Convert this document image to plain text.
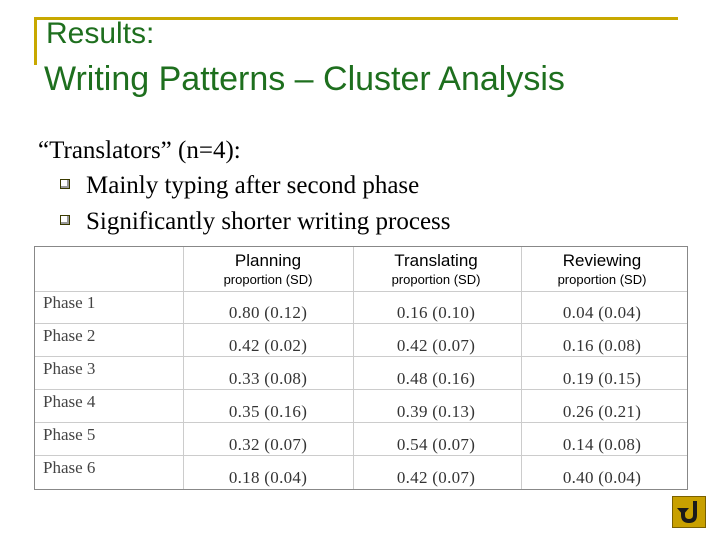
Results:
Writing Patterns – Cluster Analysis
“Translators” (n=4):
Mainly typing after second phase
Significantly shorter writing process
Planning
proportion (SD)
Translating
proportion (SD)
Reviewing
proportion (SD)
Phase 1
0.80 (0.12)	0.16 (0.10)	0.04 (0.04)
Phase 2
0.42 (0.02)	0.42 (0.07)	0.16 (0.08)
Phase 3
0.33 (0.08)	0.48 (0.16)	0.19 (0.15)
Phase 4
0.35 (0.16)	0.39 (0.13)	0.26 (0.21)
Phase 5
0.32 (0.07)	0.54 (0.07)	0.14 (0.08)
Phase 6
0.18 (0.04)	0.42 (0.07)	0.40 (0.04)
